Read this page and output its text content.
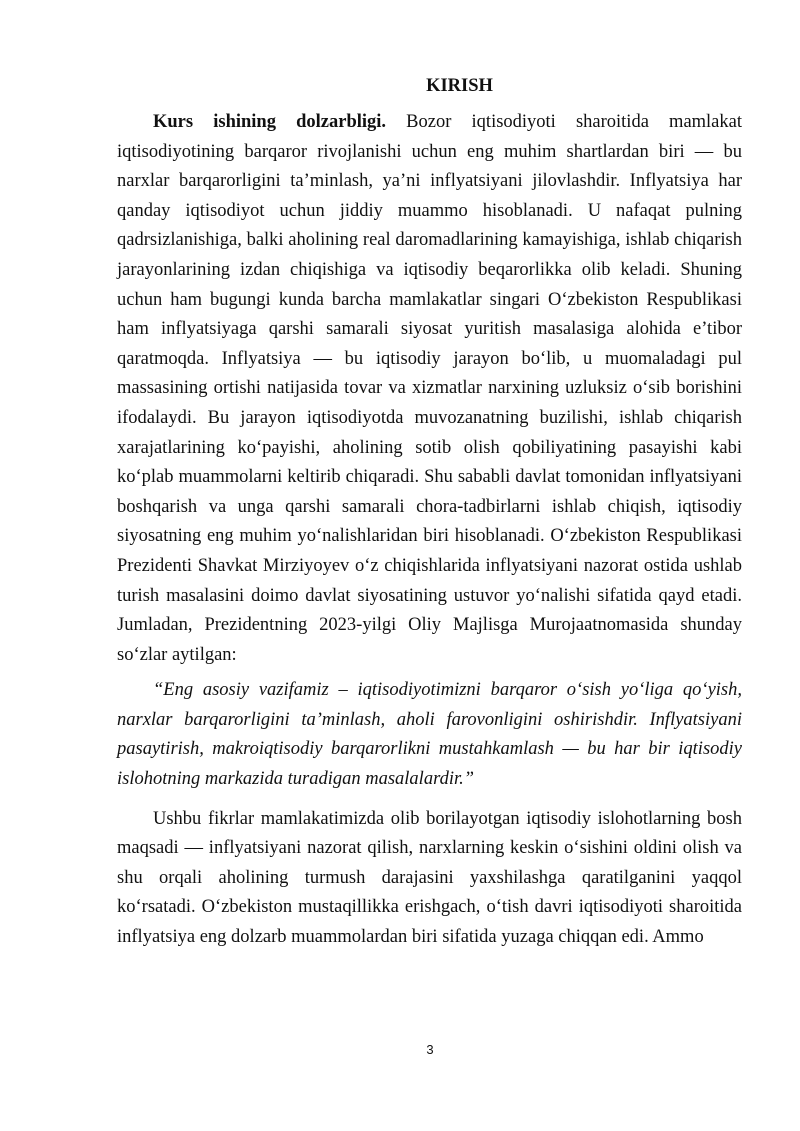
KIRISH

Kurs ishining dolzarbligi. Bozor iqtisodiyoti sharoitida mamlakat iqtisodiyotining barqaror rivojlanishi uchun eng muhim shartlardan biri — bu narxlar barqarorligini ta’minlash, ya’ni inflyatsiyani jilovlashdir. Inflyatsiya har qanday iqtisodiyot uchun jiddiy muammo hisoblanadi. U nafaqat pulning qadrsizlanishiga, balki aholining real daromadlarining kamayishiga, ishlab chiqarish jarayonlarining izdan chiqishiga va iqtisodiy beqarorlikka olib keladi. Shuning uchun ham bugungi kunda barcha mamlakatlar singari O‘zbekiston Respublikasi ham inflyatsiyaga qarshi samarali siyosat yuritish masalasiga alohida e’tibor qaratmoqda. Inflyatsiya — bu iqtisodiy jarayon bo‘lib, u muomaladagi pul massasining ortishi natijasida tovar va xizmatlar narxining uzluksiz o‘sib borishini ifodalaydi. Bu jarayon iqtisodiyotda muvozanatning buzilishi, ishlab chiqarish xarajatlarining ko‘payishi, aholining sotib olish qobiliyatining pasayishi kabi ko‘plab muammolarni keltirib chiqaradi. Shu sababli davlat tomonidan inflyatsiyani boshqarish va unga qarshi samarali chora-tadbirlarni ishlab chiqish, iqtisodiy siyosatning eng muhim yo‘nalishlaridan biri hisoblanadi. O‘zbekiston Respublikasi Prezidenti Shavkat Mirziyoyev o‘z chiqishlarida inflyatsiyani nazorat ostida ushlab turish masalasini doimo davlat siyosatining ustuvor yo‘nalishi sifatida qayd etadi. Jumladan, Prezidentning 2023-yilgi Oliy Majlisga Murojaatnomasida shunday so‘zlar aytilgan:

“Eng asosiy vazifamiz – iqtisodiyotimizni barqaror o‘sish yo‘liga qo‘yish, narxlar barqarorligini ta’minlash, aholi farovonligini oshirishdir. Inflyatsiyani pasaytirish, makroiqtisodiy barqarorlikni mustahkamlash — bu har bir iqtisodiy islohotning markazida turadigan masalalardir.”

Ushbu fikrlar mamlakatimizda olib borilayotgan iqtisodiy islohotlarning bosh maqsadi — inflyatsiyani nazorat qilish, narxlarning keskin o‘sishini oldini olish va shu orqali aholining turmush darajasini yaxshilashga qaratilganini yaqqol ko‘rsatadi. O‘zbekiston mustaqillikka erishgach, o‘tish davri iqtisodiyoti sharoitida inflyatsiya eng dolzarb muammolardan biri sifatida yuzaga chiqqan edi. Ammo

3
